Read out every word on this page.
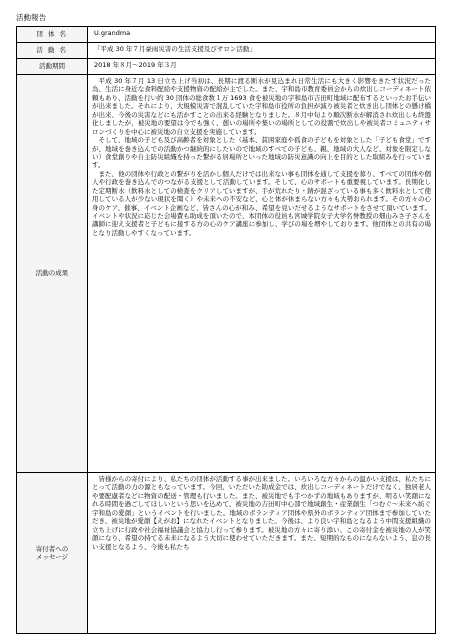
活動報告
団 体 名	U.grandma
活 動 名	「平成 30 年７月豪雨災害の生活支援及びサロン活動」
活動期間	2018 年８月～2019 年３月
活動の成果	平成 30 年７月 13 日立ち上げ当初は、長期に渡る断水が見込まれ日常生活にも大きく影響をきたす状況だった為、生活に身近な食料配給や支援物資の配給が主でした。また、宇和島市教育委員会からの炊出しコーディネート依頼もあり、活動を行い約 30 団体の総食数１万 1693 食を被災地の宇和島市吉田町地域に配布するといったお手伝いが出来ました。それにより、大規模災害で混乱していた宇和島市役所の負担が減り被災者と炊き出し団体との懸け橋が出来、今後の災害などにも活かすことの出来る経験となりました。８月中旬より順次断水が解消され炊出しも終盤化しましたが、被災地の要望は今でも強く、憩いの場所や集いの場所としての役割で炊出しや被災者コミュニティサロンづくりを中心に被災地の自立支援を実施しています。

そして、地域の子ども及び高齢者を対象とした（基本、貧困家庭や孤食の子どもを対象とした「子ども食堂」ですが、地域を巻き込んでの活動かつ継続的にしたいので地域のすべての子ども、親、地域の大人など、対象を限定しない）食堂創りや自主防災組織を持った繋がる居場所といった地域の防災意識の向上を目的とした取組みを行っています。

また、他の団体や行政との繋がりを活かし個人だけでは出来ない事も団体を通して支援を募り、すべての団体や個人や行政を巻き込んでのつながる支援として活動しています。そして、心のサポートも重要視しています。長期化した定期断水（飲料水としての検査をクリアしていますが、手が荒れたり・錆が混ざっている事も多く飲料水として使用している人が少ない現状を聞く）や未来への不安など、心と体が休まらない方々も大勢おられます。その方々の心身のケア、催事、イベント企画など、皆さんの心が和み、希望を見いだせるようなサポートをさせて頂いています。イベントや状況に応じた会場費も助成を頂いたので、本団体の役員も宮城学院女子大学名誉教授の畑山みさ子さんを講師に迎え支援者と子どもに接する方の心のケア講座に参加し、学びの場を増やしております。他団体との共有の場となり活動しやすくなっています。

寄付者への
メッセージ	皆様からの寄付により、私たちの団体が活動する事が出来ました。いろいろな方々からの温かい支援は、私たちにとって活動の力の源ともなっています。今回、いただいた助成金では、炊出しコーディネートだけでなく、独居老人や要配慮者などに物資の配送・管理も行いました。また、被災地でも手つかずの地域もありますが、明るい笑顔になれる時間を過ごしてほしいという思いを込めて、被災地の吉田町中心部で地域創生・産業創生「つむぐ～未来へ紡ぐ宇和島の愛顔」というイベントを行いました。地域のボランティア団体や県外のボランティア団体まで参加していただき、被災地が愛顔【えがお】になれたイベントとなりました。今後は、より良い宇和島となるよう中間支援組織の立ち上げに行政や社会福祉協議会と協力し行って参ります。被災地の方々に寄り添い、この寄付金を被災地の人が笑顔になり、希望の持てる未来になるよう大切に使わせていただきます。また、短期的なものにならないよう、息の長い支援となるよう、今後も私たち
